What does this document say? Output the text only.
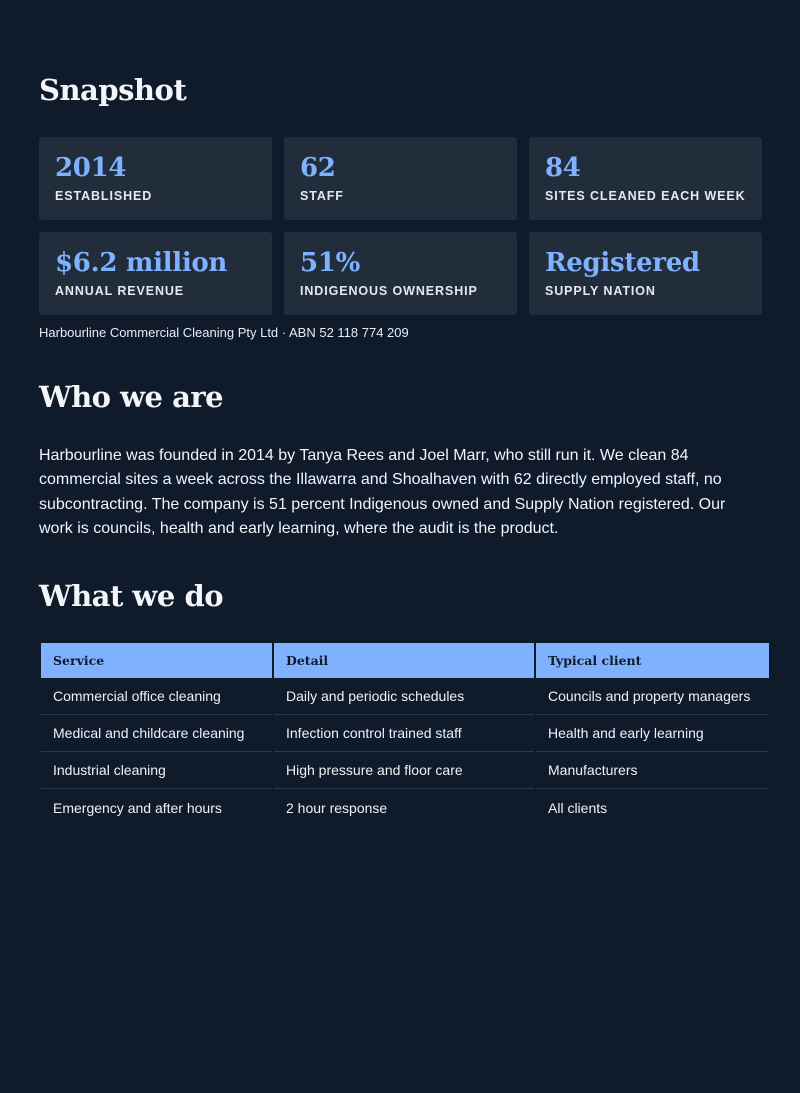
Snapshot
2014
ESTABLISHED
62
STAFF
84
SITES CLEANED EACH WEEK
$6.2 million
ANNUAL REVENUE
51%
INDIGENOUS OWNERSHIP
Registered
SUPPLY NATION
Harbourline Commercial Cleaning Pty Ltd · ABN 52 118 774 209
Who we are

Harbourline was founded in 2014 by Tanya Rees and Joel Marr, who still run it. We clean 84 commercial sites a week across the Illawarra and Shoalhaven with 62 directly employed staff, no subcontracting. The company is 51 percent Indigenous owned and Supply Nation registered. Our work is councils, health and early learning, where the audit is the product.

What we do
Service	Detail	Typical client
Commercial office cleaning	Daily and periodic schedules	Councils and property managers
Medical and childcare cleaning	Infection control trained staff	Health and early learning
Industrial cleaning	High pressure and floor care	Manufacturers
Emergency and after hours	2 hour response	All clients
